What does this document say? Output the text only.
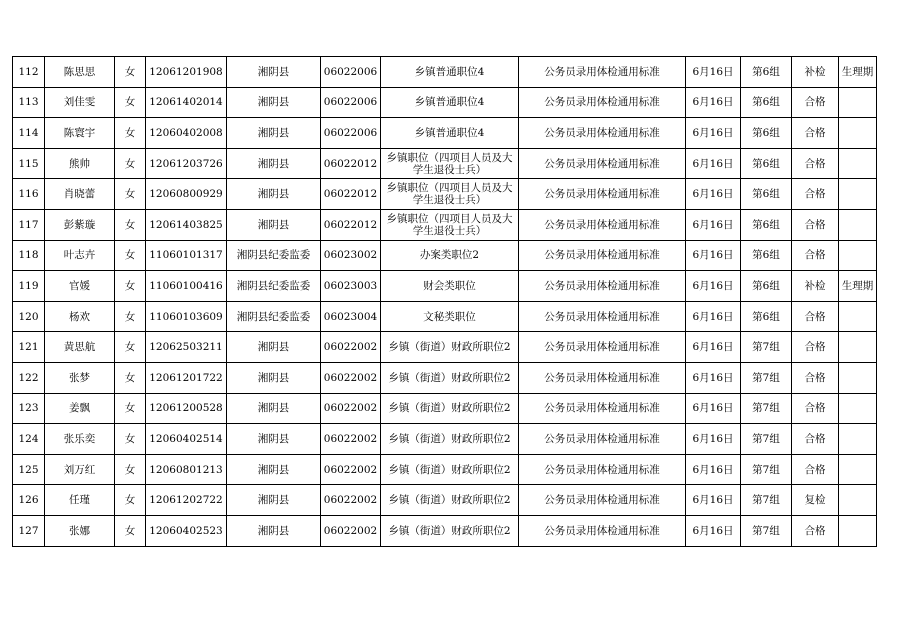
112	陈思思	女	12061201908	湘阴县	06022006	乡镇普通职位4	公务员录用体检通用标准	6月16日	第6组	补检	生理期
113	刘佳雯	女	12061402014	湘阴县	06022006	乡镇普通职位4	公务员录用体检通用标准	6月16日	第6组	合格	
114	陈寰宇	女	12060402008	湘阴县	06022006	乡镇普通职位4	公务员录用体检通用标准	6月16日	第6组	合格	
115	熊帅	女	12061203726	湘阴县	06022012	乡镇职位（四项目人员及大学生退役士兵）	公务员录用体检通用标准	6月16日	第6组	合格	
116	肖晓蕾	女	12060800929	湘阴县	06022012	乡镇职位（四项目人员及大学生退役士兵）	公务员录用体检通用标准	6月16日	第6组	合格	
117	彭紫璇	女	12061403825	湘阴县	06022012	乡镇职位（四项目人员及大学生退役士兵）	公务员录用体检通用标准	6月16日	第6组	合格	
118	叶志卉	女	11060101317	湘阴县纪委监委	06023002	办案类职位2	公务员录用体检通用标准	6月16日	第6组	合格	
119	官媛	女	11060100416	湘阴县纪委监委	06023003	财会类职位	公务员录用体检通用标准	6月16日	第6组	补检	生理期
120	杨欢	女	11060103609	湘阴县纪委监委	06023004	文秘类职位	公务员录用体检通用标准	6月16日	第6组	合格	
121	黄思航	女	12062503211	湘阴县	06022002	乡镇（街道）财政所职位2	公务员录用体检通用标准	6月16日	第7组	合格	
122	张梦	女	12061201722	湘阴县	06022002	乡镇（街道）财政所职位2	公务员录用体检通用标准	6月16日	第7组	合格	
123	姜飘	女	12061200528	湘阴县	06022002	乡镇（街道）财政所职位2	公务员录用体检通用标准	6月16日	第7组	合格	
124	张乐奕	女	12060402514	湘阴县	06022002	乡镇（街道）财政所职位2	公务员录用体检通用标准	6月16日	第7组	合格	
125	刘万红	女	12060801213	湘阴县	06022002	乡镇（街道）财政所职位2	公务员录用体检通用标准	6月16日	第7组	合格	
126	任瑾	女	12061202722	湘阴县	06022002	乡镇（街道）财政所职位2	公务员录用体检通用标准	6月16日	第7组	复检	
127	张娜	女	12060402523	湘阴县	06022002	乡镇（街道）财政所职位2	公务员录用体检通用标准	6月16日	第7组	合格	
